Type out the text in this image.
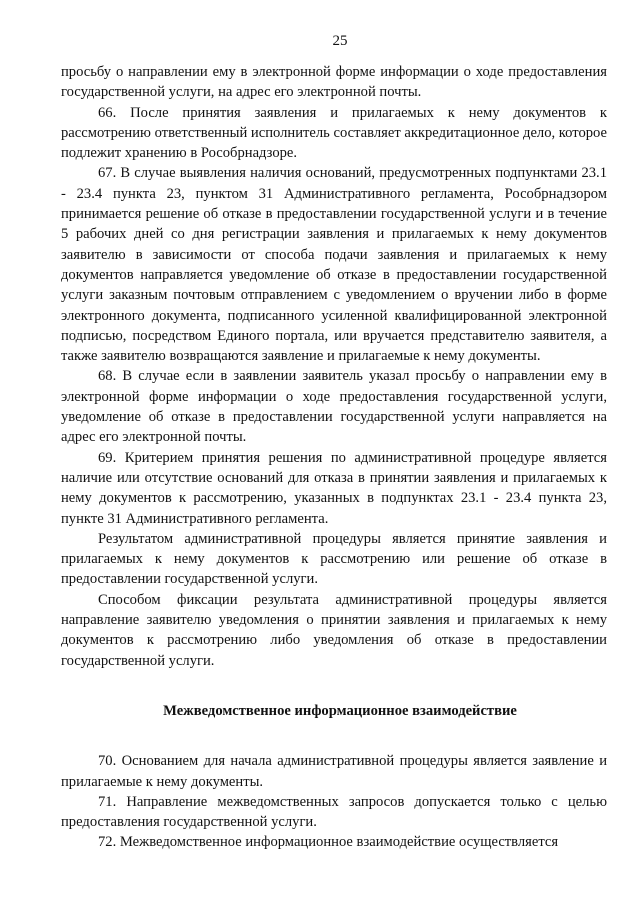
25

просьбу о направлении ему в электронной форме информации о ходе предоставления государственной услуги, на адрес его электронной почты.

66. После принятия заявления и прилагаемых к нему документов к рассмотрению ответственный исполнитель составляет аккредитационное дело, которое подлежит хранению в Рособрнадзоре.

67. В случае выявления наличия оснований, предусмотренных подпунктами 23.1 - 23.4 пункта 23, пунктом 31 Административного регламента, Рособрнадзором принимается решение об отказе в предоставлении государственной услуги и в течение 5 рабочих дней со дня регистрации заявления и прилагаемых к нему документов заявителю в зависимости от способа подачи заявления и прилагаемых к нему документов направляется уведомление об отказе в предоставлении государственной услуги заказным почтовым отправлением с уведомлением о вручении либо в форме электронного документа, подписанного усиленной квалифицированной электронной подписью, посредством Единого портала, или вручается представителю заявителя, а также заявителю возвращаются заявление и прилагаемые к нему документы.

68. В случае если в заявлении заявитель указал просьбу о направлении ему в электронной форме информации о ходе предоставления государственной услуги, уведомление об отказе в предоставлении государственной услуги направляется на адрес его электронной почты.

69. Критерием принятия решения по административной процедуре является наличие или отсутствие оснований для отказа в принятии заявления и прилагаемых к нему документов к рассмотрению, указанных в подпунктах 23.1 - 23.4 пункта 23, пункте 31 Административного регламента.

Результатом административной процедуры является принятие заявления и прилагаемых к нему документов к рассмотрению или решение об отказе в предоставлении государственной услуги.

Способом фиксации результата административной процедуры является направление заявителю уведомления о принятии заявления и прилагаемых к нему документов к рассмотрению либо уведомления об отказе в предоставлении государственной услуги.

Межведомственное информационное взаимодействие

70. Основанием для начала административной процедуры является заявление и прилагаемые к нему документы.

71. Направление межведомственных запросов допускается только с целью предоставления государственной услуги.

72. Межведомственное информационное взаимодействие осуществляется
